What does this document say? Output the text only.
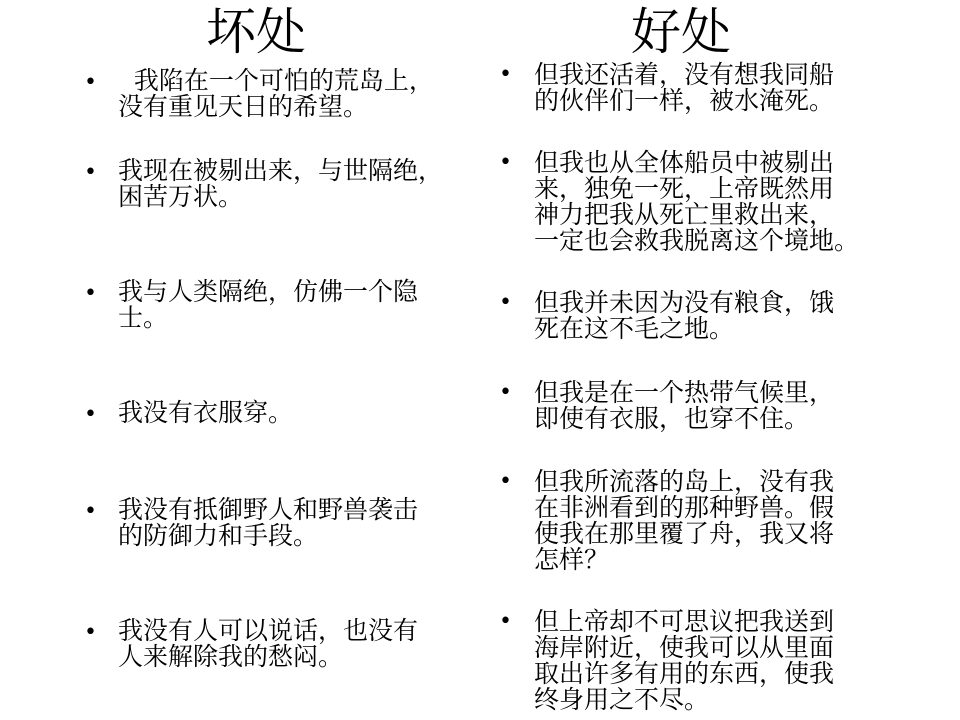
坏处	好处
• 我陷在一个可怕的荒岛上，
没有重见天日的希望。

• 我现在被剔出来，与世隔绝，
困苦万状。

• 我与人类隔绝，仿佛一个隐
士。

• 我没有衣服穿。

• 我没有抵御野人和野兽袭击
的防御力和手段。

• 我没有人可以说话，也没有
人来解除我的愁闷。

• 但我还活着，没有想我同船
的伙伴们一样，被水淹死。

• 但我也从全体船员中被剔出
来，独免一死，上帝既然用
神力把我从死亡里救出来，
一定也会救我脱离这个境地。

• 但我并未因为没有粮食，饿
死在这不毛之地。

• 但我是在一个热带气候里，
即使有衣服，也穿不住。

• 但我所流落的岛上，没有我
在非洲看到的那种野兽。假
使我在那里覆了舟，我又将
怎样？

• 但上帝却不可思议把我送到
海岸附近，使我可以从里面
取出许多有用的东西，使我
终身用之不尽。
